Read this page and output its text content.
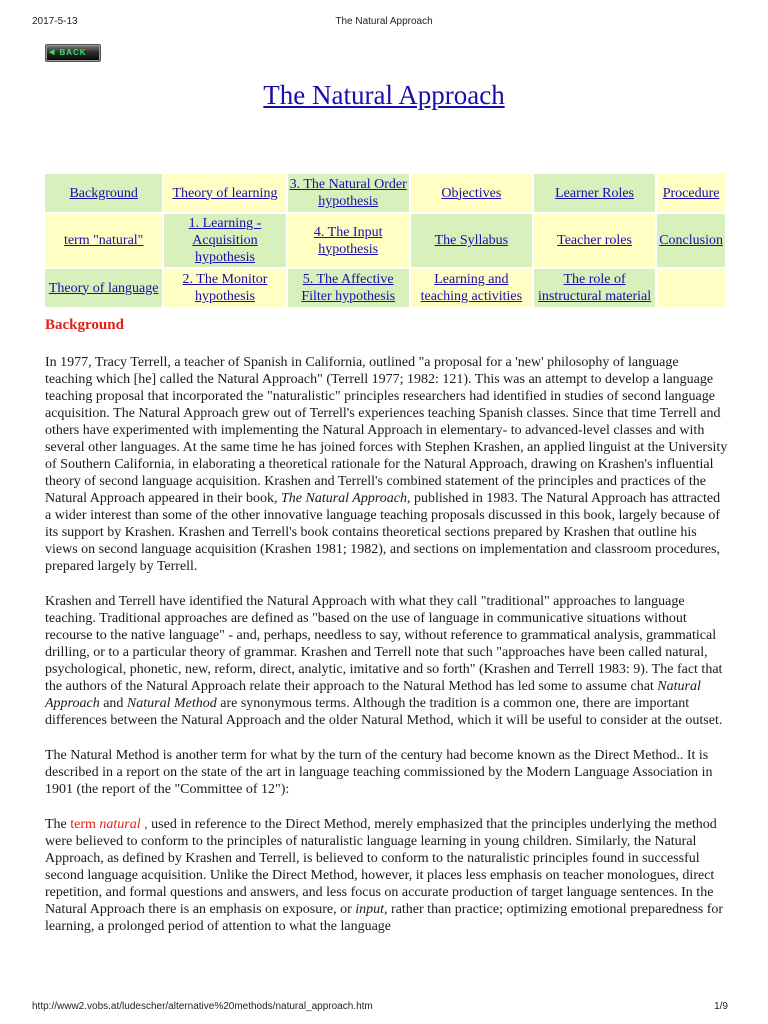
2017-5-13	The Natural Approach
◀ BACK
The Natural Approach
Background	Theory of learning	3. The Natural Order hypothesis	Objectives	Learner Roles	Procedure
term "natural"	1. Learning - Acquisition hypothesis	4. The Input hypothesis	The Syllabus	Teacher roles	Conclusion
Theory of language	2. The Monitor hypothesis	5. The Affective Filter hypothesis	Learning and teaching activities	The role of instructural material	
Background

In 1977, Tracy Terrell, a teacher of Spanish in California, outlined "a proposal for a 'new' philosophy of language teaching which [he] called the Natural Approach" (Terrell 1977; 1982: 121). This was an attempt to develop a language teaching proposal that incorporated the "naturalistic" principles researchers had identified in studies of second language acquisition. The Natural Approach grew out of Terrell's experiences teaching Spanish classes. Since that time Terrell and others have experimented with implementing the Natural Approach in elementary- to advanced-level classes and with several other languages. At the same time he has joined forces with Stephen Krashen, an applied linguist at the University of Southern California, in elaborating a theoretical rationale for the Natural Approach, drawing on Krashen's influential theory of second language acquisition. Krashen and Terrell's combined statement of the principles and practices of the Natural Approach appeared in their book, The Natural Approach, published in 1983. The Natural Approach has attracted a wider interest than some of the other innovative language teaching proposals discussed in this book, largely because of its support by Krashen. Krashen and Terrell's book contains theoretical sections prepared by Krashen that outline his views on second language acquisition (Krashen 1981; 1982), and sections on implementation and classroom procedures, prepared largely by Terrell.

Krashen and Terrell have identified the Natural Approach with what they call "traditional" approaches to language teaching. Traditional approaches are defined as "based on the use of language in communicative situations without recourse to the native language" - and, perhaps, needless to say, without reference to grammatical analysis, grammatical drilling, or to a particular theory of grammar. Krashen and Terrell note that such "approaches have been called natural, psychological, phonetic, new, reform, direct, analytic, imitative and so forth" (Krashen and Terrell 1983: 9). The fact that the authors of the Natural Approach relate their approach to the Natural Method has led some to assume chat Natural Approach and Natural Method are synonymous terms. Although the tradition is a common one, there are important differences between the Natural Approach and the older Natural Method, which it will be useful to consider at the outset.

The Natural Method is another term for what by the turn of the century had become known as the Direct Method.. It is described in a report on the state of the art in language teaching commissioned by the Modern Language Association in 1901 (the report of the "Committee of 12"):

The term natural , used in reference to the Direct Method, merely emphasized that the principles underlying the method were believed to conform to the principles of naturalistic language learning in young children. Similarly, the Natural Approach, as defined by Krashen and Terrell, is believed to conform to the naturalistic principles found in successful second language acquisition. Unlike the Direct Method, however, it places less emphasis on teacher monologues, direct repetition, and formal questions and answers, and less focus on accurate production of target language sentences. In the Natural Approach there is an emphasis on exposure, or input, rather than practice; optimizing emotional preparedness for learning, a prolonged period of attention to what the language

http://www2.vobs.at/ludescher/alternative%20methods/natural_approach.htm	1/9
